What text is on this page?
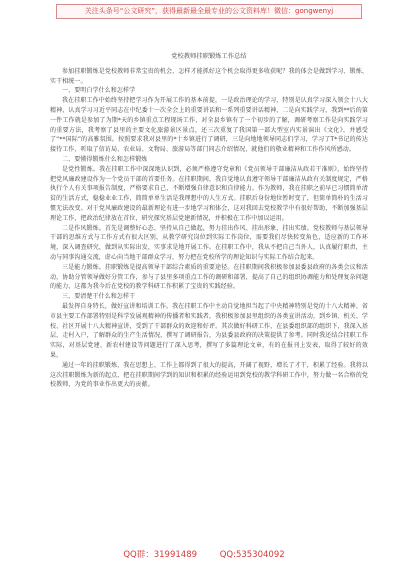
关注头条号“公文研究”，获得最新最全最专业的公文资料库！微信：gongwenyj

党校教师挂职锻炼工作总结

参加挂职锻炼是党校教师非常宝贵的机会，怎样才能抓好这个机会取得更多收获呢？我的体会是做到学习、锻炼、实干相统一。

一、要明白学什么和怎样学

我在挂职工作中始终坚持把学习作为开展工作的基本前提，一是政治理论的学习，特别是认真学习深入领会十八大精神，认真学习习近平同志在中纪委十一次全会上的重要讲话和一系列重要讲话精神，二是向实践学习，我到**后的第一件工作就是参加了为期*天的乡镇重点工程现场工作，对全县乡镇有了一个初步的了解，调研考察工作是向实践学习的重要方法，我考察了县里的主要文化旅游景区景点，还三次重复了我国第一部大型室内实景演出《文化》，并感受了“**国际”的高雅氛围。按照要求我对县里的*十乡镇进行了调研，三是向地地领导同志们学习，学习了T*书记的传达接待工作，听取了信访局、农业局、文物局、旅游局等部门同志介绍情况，就他们的敬业精神和工作作风所感动。

二、要懂得锻炼什么和怎样锻炼

是党性锻炼。我在挂职工作中深深地认识到，必须严格遵守党章和《党员领导干部廉洁从政若干准则》，始终坚持把党风廉政建设作为一个党员干部的首要任务。在挂职期间，我自觉地认真遵守领导干部廉洁从政有关制度规定，严格执行个人有关事项报告制度，严格要求自己，不断增强自律意识和自律能力。作为教师，我在挂职之前早已习惯简单清贫的生活方式，稳稳业业工作，简简单单生活是我理想中的人生方式。挂职后身份地位暂时变了，但简单简朴的生活习惯无法改变。对于党风廉政建设的最新理论有进一步地学习和体会，这对我回去党校教学中有很好帮助，不断加强基层理论工作，把政治纪律放在首位，研究探究基层党建新情况，并积极在工作中加以运用。

二是作风锻炼。首先是调整好心态、坚持从自己做起，努力挂出作风、挂出形象、挂出实绩。党校教师与基层领导干部的思维方式与工作方式有很大区别，从教学研究岗位到实际工作岗位，需要我们尽快转变角色，适应新的工作环境，深入调查研究，做到从实际出发，实事求是地开展工作。在挂职工作中，我从不把自己当外人，认真履行职责，主动与同事沟通交流，虚心向当地干部群众学习，努力把在党校所学的理论知识与实际工作结合起来。

三是能力锻炼。挂职锻炼是提高领导干部综合素质的重要途径。在挂职期间我积极参加县委县政府的各类会议和活动，协助分管领导做好分管工作，参与了县里多项重点工作的调研和部署，提高了自己的组织协调能力和处理复杂问题的能力，这都为我今后在党校的教学科研工作积累了宝贵的实践经验。

三、要清楚干什么和怎样干

最发挥自身特长，做好宣讲和培训工作。我在挂职工作中主动自觉地担当起了中央精神特别是党的十八大精神、省市县主要工作部署特别是科学发展观精神的传播者和实践者，我积极参加县里组织的各类宣讲活动，到乡镇、机关、学校、社区开展十八大精神宣讲，受到了干部群众的欢迎和好评。其次做好科研工作，在县委组织部的组织下，我深入基层，走村入户，了解群众的生产生活情况，撰写了调研报告，为县委县政府的决策提供了参考。同时我还结合挂职工作实际，对基层党建、新农村建设等问题进行了深入思考，撰写了多篇理论文章，有的在报刊上发表，取得了较好的效果。

通过一年的挂职锻炼，我在思想上、工作上都得到了很大的提高，开阔了视野，增长了才干，积累了经验。我将以这次挂职锻炼为新的起点，把在挂职期间学到的知识和积累的经验运用到党校的教学科研工作中，努力做一名合格的党校教师，为党的事业作出更大的贡献。

QQ群：31991489	QQ:535304092
